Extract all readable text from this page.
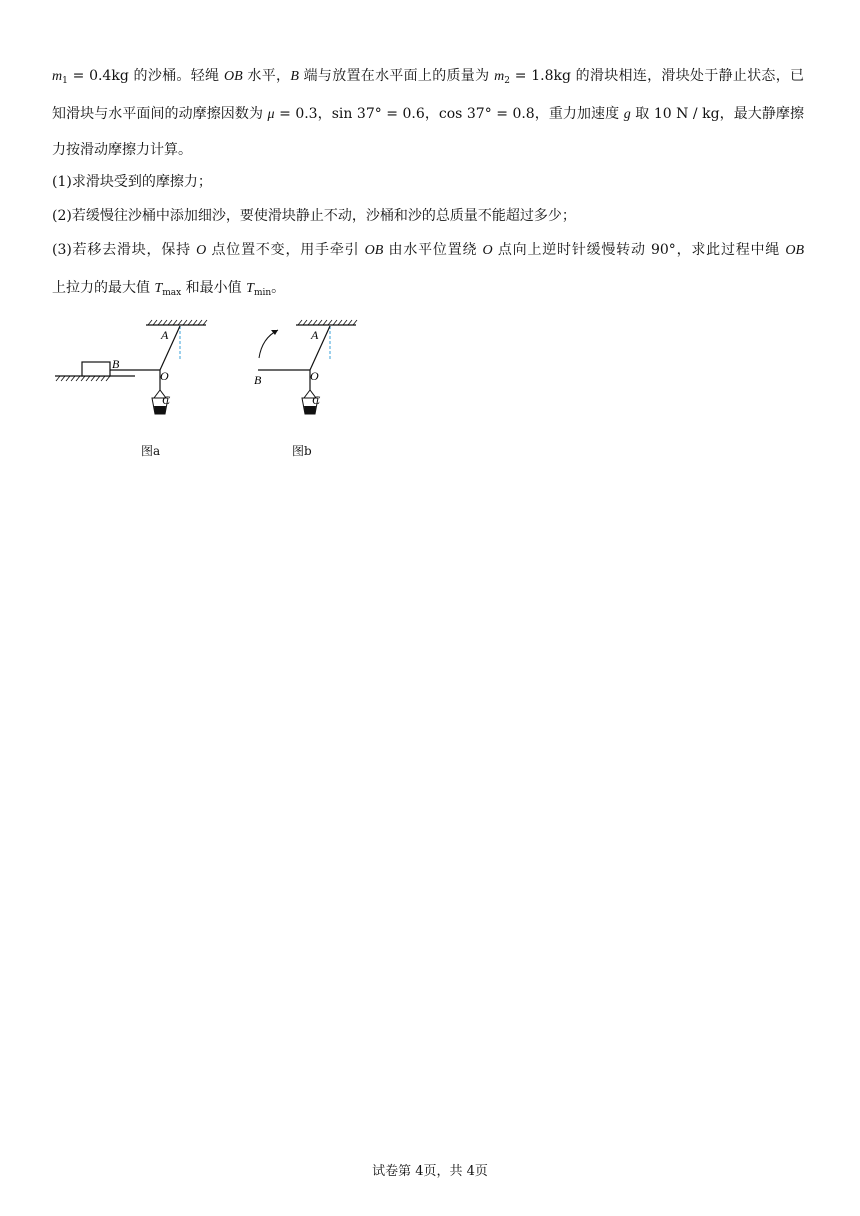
$m_1 = 0.4kg$ 的沙桶。轻绳 OB 水平，B 端与放置在水平面上的质量为 $m_2 = 1.8kg$ 的滑块相连，滑块处于静止状态，已
知滑块与水平面间的动摩擦因数为 μ = 0.3，sin 37° = 0.6，cos 37° = 0.8，重力加速度 g 取 10 N / kg，最大静摩擦
力按滑动摩擦力计算。
(1)求滑块受到的摩擦力；
(2)若缓慢往沙桶中添加细沙，要使滑块静止不动，沙桶和沙的总质量不能超过多少；
(3)若移去滑块，保持 O 点位置不变，用手牵引 OB 由水平位置绕 O 点向上逆时针缓慢转动 90°，求此过程中绳 OB
上拉力的最大值 $T_{max}$ 和最小值 $T_{min}$。
A
B
O
C
图a
A
B	O
C
图b
试卷第 4页，共 4页
